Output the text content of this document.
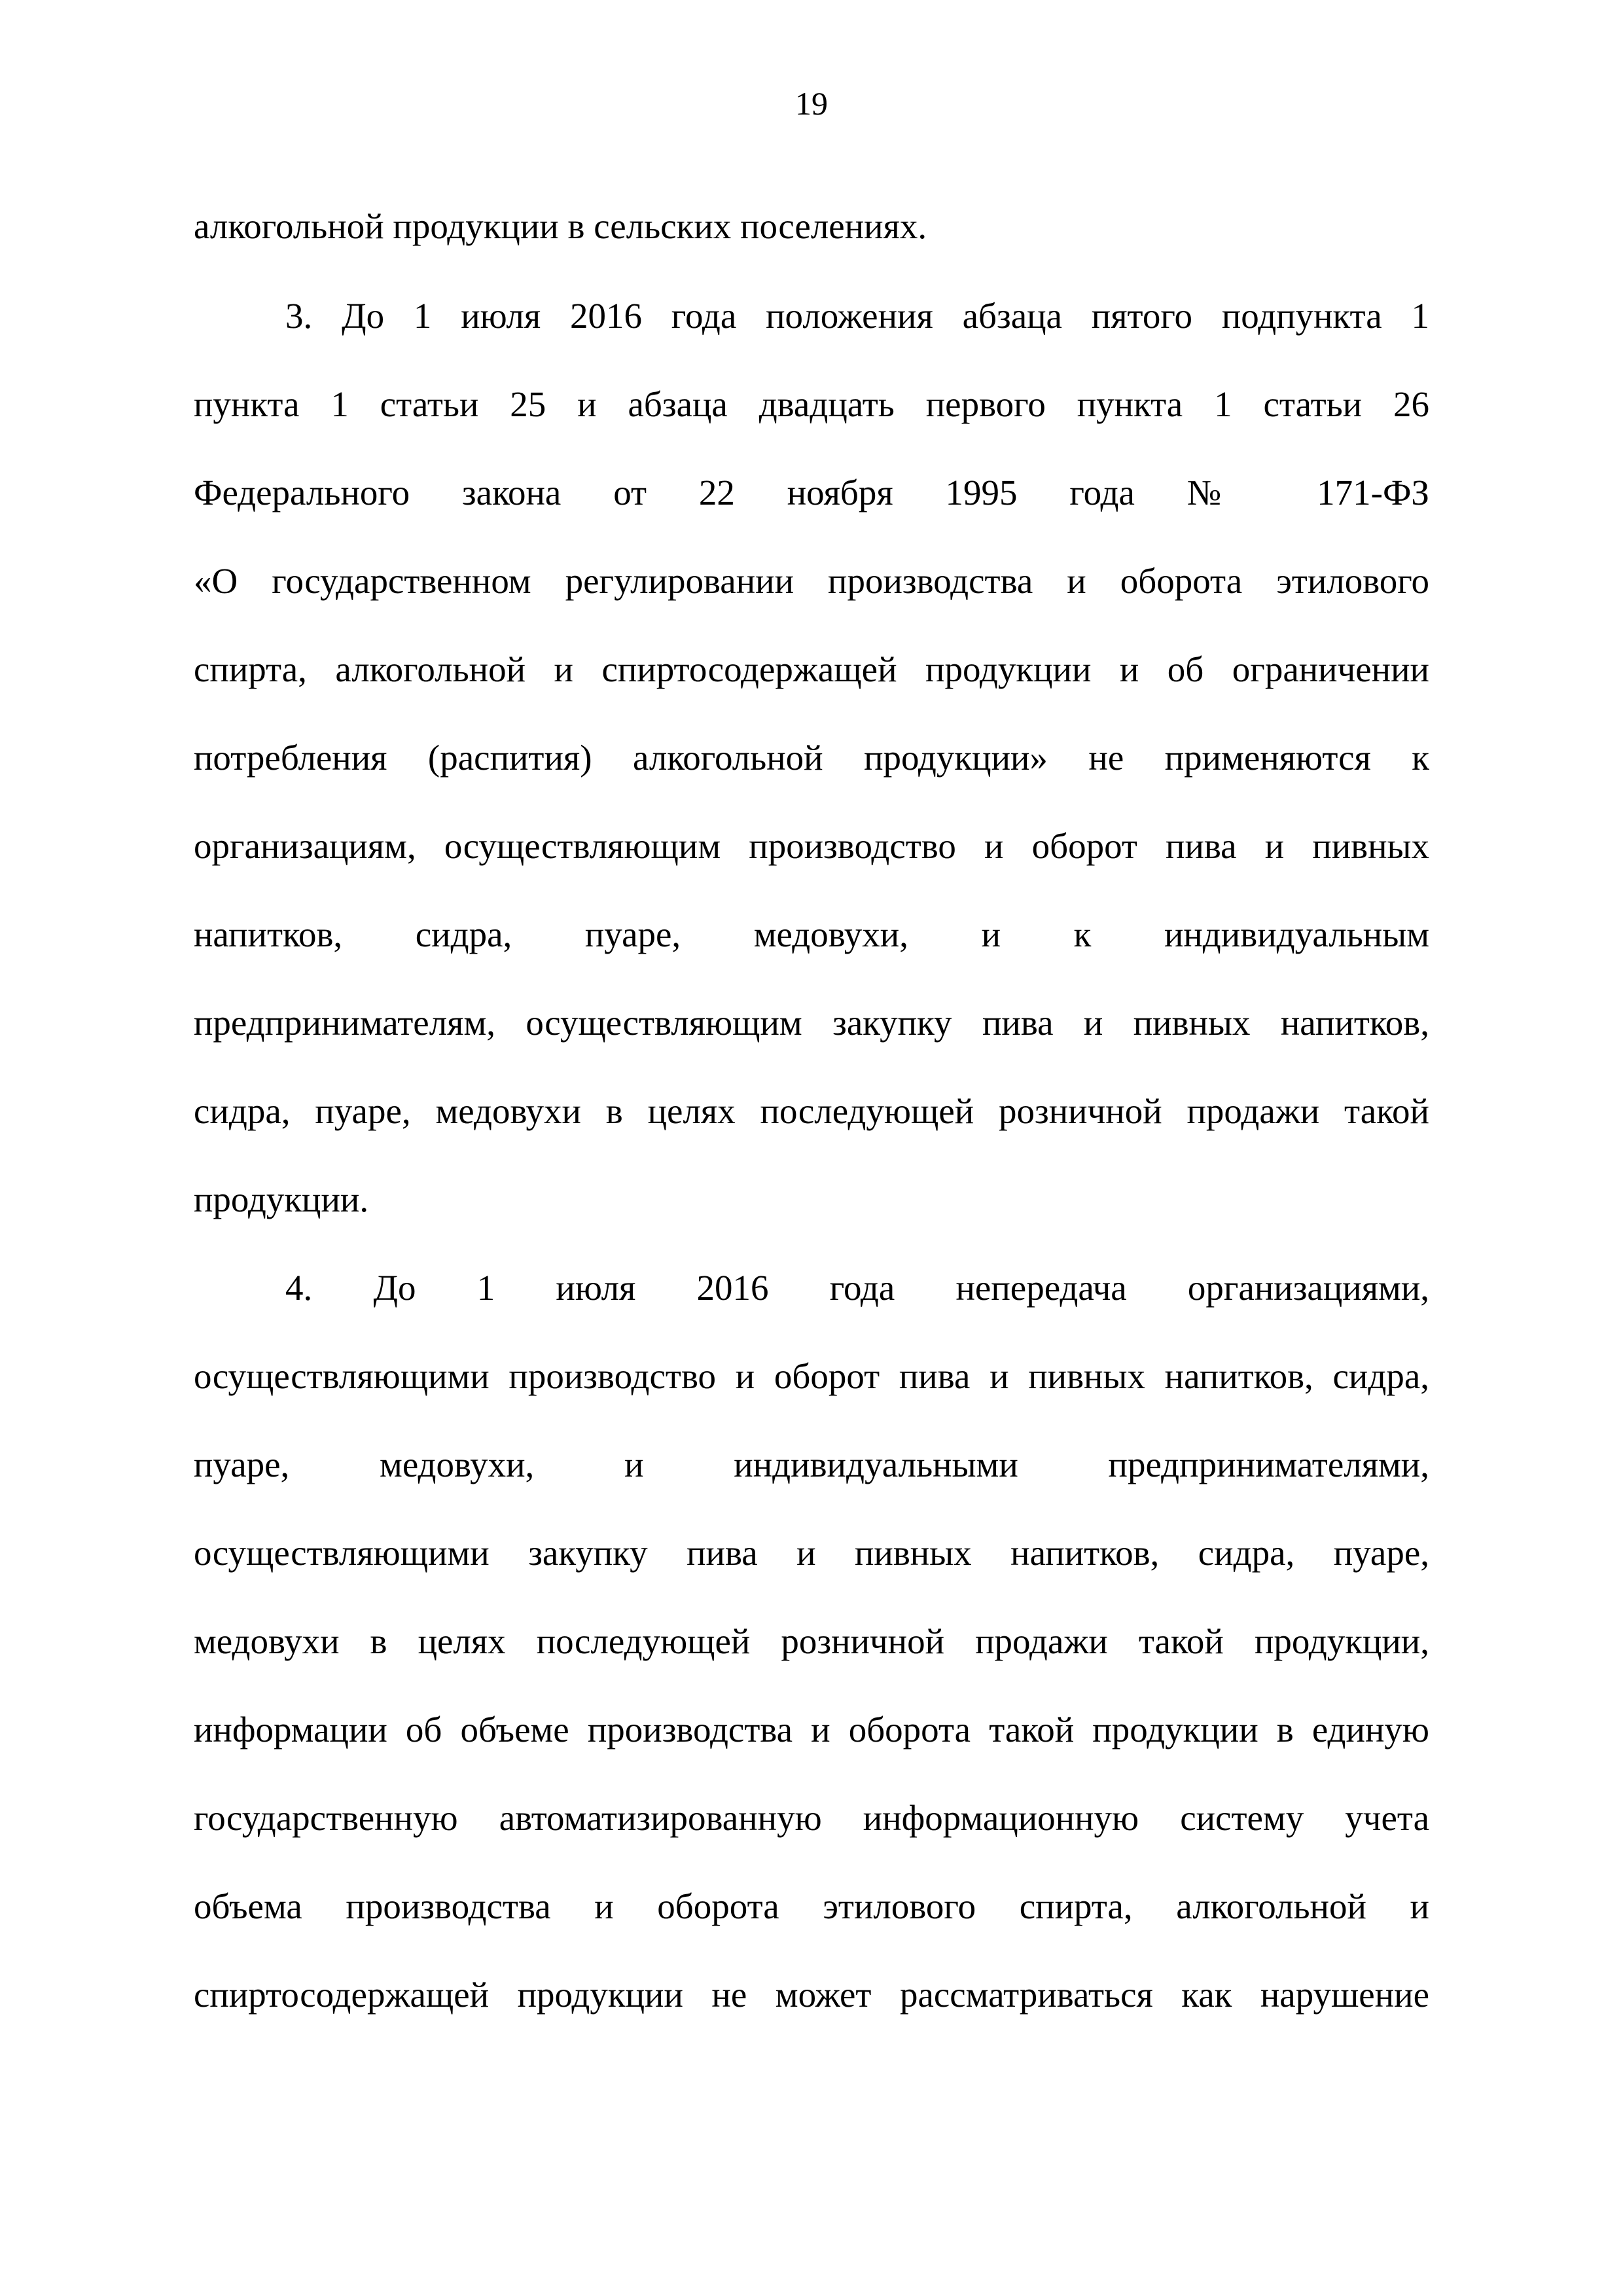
19
алкогольной продукции в сельских поселениях.
3. До 1 июля 2016 года положения абзаца пятого подпункта 1
пункта 1 статьи 25 и абзаца двадцать первого пункта 1 статьи 26
Федерального закона от 22 ноября 1995 года № 171-ФЗ
«О государственном регулировании производства и оборота этилового
спирта, алкогольной и спиртосодержащей продукции и об ограничении
потребления (распития) алкогольной продукции» не применяются к
организациям, осуществляющим производство и оборот пива и пивных
напитков, сидра, пуаре, медовухи, и к индивидуальным
предпринимателям, осуществляющим закупку пива и пивных напитков,
сидра, пуаре, медовухи в целях последующей розничной продажи такой
продукции.
4. До 1 июля 2016 года непередача организациями,
осуществляющими производство и оборот пива и пивных напитков, сидра,
пуаре, медовухи, и индивидуальными предпринимателями,
осуществляющими закупку пива и пивных напитков, сидра, пуаре,
медовухи в целях последующей розничной продажи такой продукции,
информации об объеме производства и оборота такой продукции в единую
государственную автоматизированную информационную систему учета
объема производства и оборота этилового спирта, алкогольной и
спиртосодержащей продукции не может рассматриваться как нарушение
